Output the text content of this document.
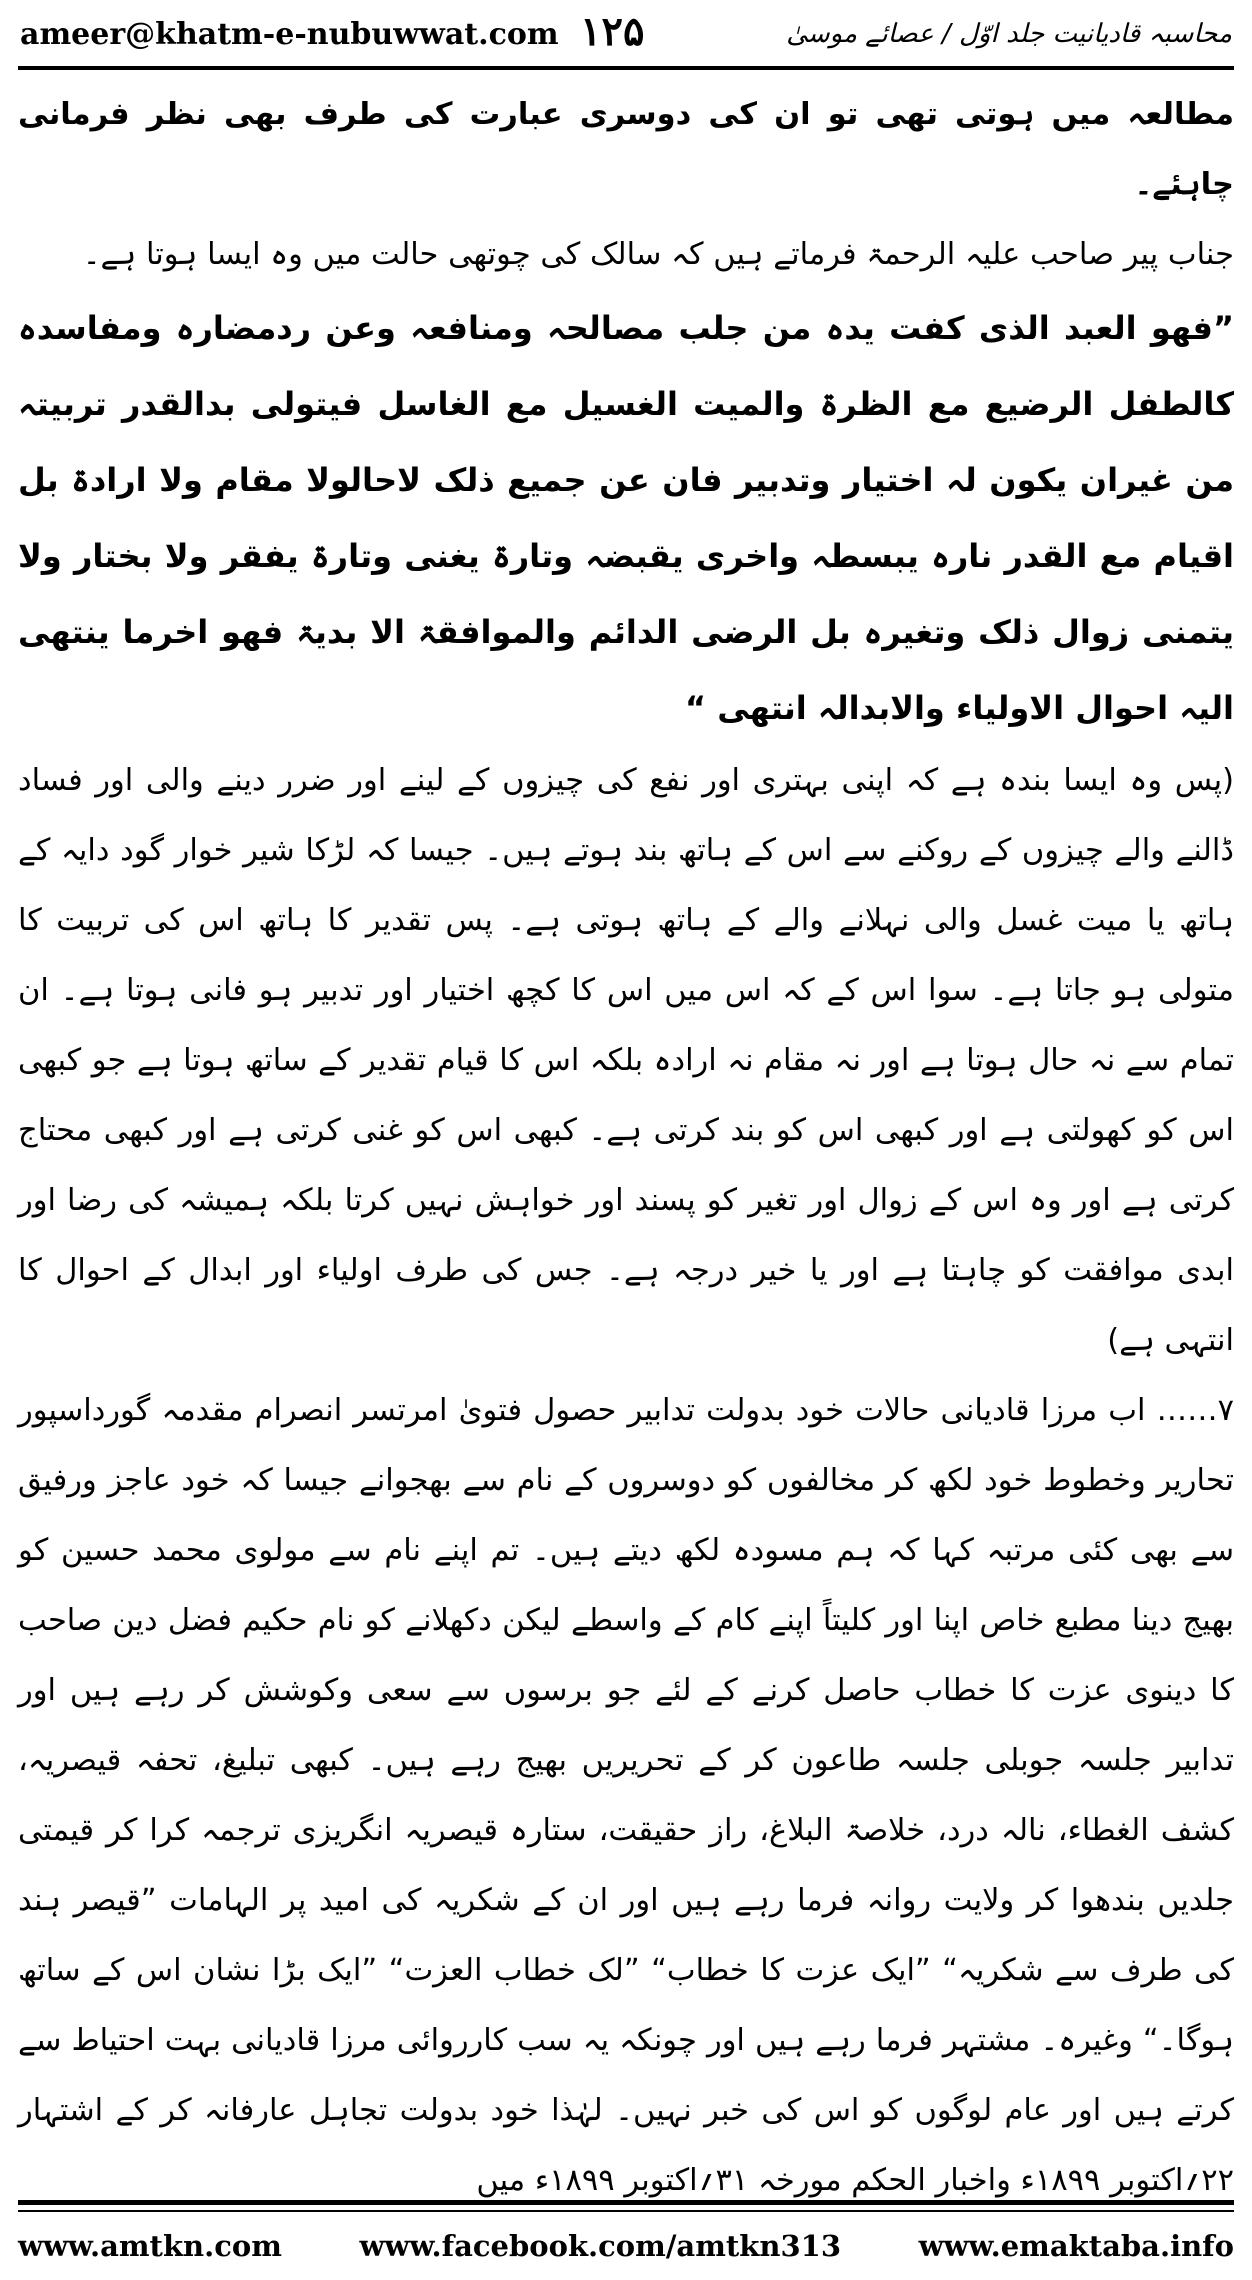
ameer@khatm-e-nubuwwat.com ۱۲۵	محاسبہ قادیانیت جلد اوّل / عصائے موسیٰ

مطالعہ میں ہوتی تھی تو ان کی دوسری عبارت کی طرف بھی نظر فرمانی چاہئے۔

جناب پیر صاحب علیہ الرحمۃ فرماتے ہیں کہ سالک کی چوتھی حالت میں وہ ایسا ہوتا ہے۔

”فھو العبد الذی کفت یدہ من جلب مصالحہ ومنافعہ وعن ردمضارہ ومفاسدہ کالطفل الرضیع مع الظرۃ والمیت الغسیل مع الغاسل فیتولی بدالقدر تربیتہ من غیران یکون لہ اختیار وتدبیر فان عن جمیع ذلک لاحالولا مقام ولا ارادۃ بل اقیام مع القدر نارہ یبسطہ واخری یقبضہ وتارۃ یغنی وتارۃ یفقر ولا بختار ولا یتمنی زوال ذلک وتغیرہ بل الرضی الدائم والموافقۃ الا بدیۃ فھو اخرما ینتھی الیہ احوال الاولیاء والابدالہ انتھی “

(پس وہ ایسا بندہ ہے کہ اپنی بہتری اور نفع کی چیزوں کے لینے اور ضرر دینے والی اور فساد ڈالنے والے چیزوں کے روکنے سے اس کے ہاتھ بند ہوتے ہیں۔ جیسا کہ لڑکا شیر خوار گود دایہ کے ہاتھ یا میت غسل والی نہلانے والے کے ہاتھ ہوتی ہے۔ پس تقدیر کا ہاتھ اس کی تربیت کا متولی ہو جاتا ہے۔ سوا اس کے کہ اس میں اس کا کچھ اختیار اور تدبیر ہو فانی ہوتا ہے۔ ان تمام سے نہ حال ہوتا ہے اور نہ مقام نہ ارادہ بلکہ اس کا قیام تقدیر کے ساتھ ہوتا ہے جو کبھی اس کو کھولتی ہے اور کبھی اس کو بند کرتی ہے۔ کبھی اس کو غنی کرتی ہے اور کبھی محتاج کرتی ہے اور وہ اس کے زوال اور تغیر کو پسند اور خواہش نہیں کرتا بلکہ ہمیشہ کی رضا اور ابدی موافقت کو چاہتا ہے اور یا خیر درجہ ہے۔ جس کی طرف اولیاء اور ابدال کے احوال کا انتہی ہے)

۷…… اب مرزا قادیانی حالات خود بدولت تدابیر حصول فتویٰ امرتسر انصرام مقدمہ گورداسپور تحاریر وخطوط خود لکھ کر مخالفوں کو دوسروں کے نام سے بھجوانے جیسا کہ خود عاجز ورفیق سے بھی کئی مرتبہ کہا کہ ہم مسودہ لکھ دیتے ہیں۔ تم اپنے نام سے مولوی محمد حسین کو بھیج دینا مطبع خاص اپنا اور کلیتاً اپنے کام کے واسطے لیکن دکھلانے کو نام حکیم فضل دین صاحب کا دینوی عزت کا خطاب حاصل کرنے کے لئے جو برسوں سے سعی وکوشش کر رہے ہیں اور تدابیر جلسہ جوبلی جلسہ طاعون کر کے تحریریں بھیج رہے ہیں۔ کبھی تبلیغ، تحفہ قیصریہ، کشف الغطاء، نالہ درد، خلاصۃ البلاغ، راز حقیقت، ستارہ قیصریہ انگریزی ترجمہ کرا کر قیمتی جلدیں بندھوا کر ولایت روانہ فرما رہے ہیں اور ان کے شکریہ کی امید پر الہامات ”قیصر ہند کی طرف سے شکریہ“ ”ایک عزت کا خطاب“ ”لک خطاب العزت“ ”ایک بڑا نشان اس کے ساتھ ہوگا۔“ وغیرہ۔ مشتہر فرما رہے ہیں اور چونکہ یہ سب کارروائی مرزا قادیانی بہت احتیاط سے کرتے ہیں اور عام لوگوں کو اس کی خبر نہیں۔ لہٰذا خود بدولت تجاہل عارفانہ کر کے اشتہار ۲۲؍اکتوبر ۱۸۹۹ء واخبار الحکم مورخہ ۳۱؍اکتوبر ۱۸۹۹ء میں

www.amtkn.com	www.facebook.com/amtkn313	www.emaktaba.info
